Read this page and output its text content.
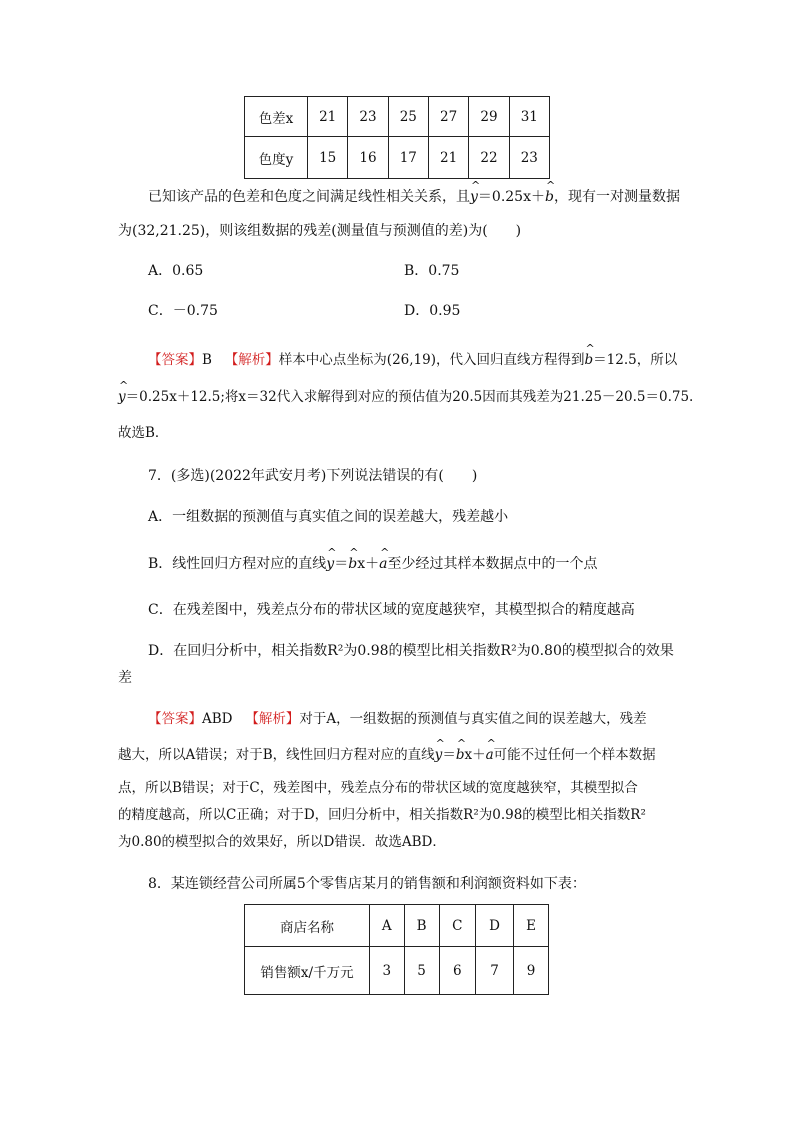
色差x	21	23	25	27	29	31
色度y	15	16	17	21	22	23
已知该产品的色差和色度之间满足线性相关关系，且^ y＝0.25x＋^ b，现有一对测量数据
为(32,21.25)，则该组数据的残差(测量值与预测值的差)为(　　)
A．0.65	B．0.75
C．－0.75	D．0.95
【答案】B 【解析】样本中心点坐标为(26,19)，代入回归直线方程得到^ b＝12.5，所以
^ y＝0.25x＋12.5;将x＝32代入求解得到对应的预估值为20.5因而其残差为21.25－20.5＝0.75.
故选B．
7．(多选)(2022年武安月考)下列说法错误的有(　　)
A．一组数据的预测值与真实值之间的误差越大，残差越小
B．线性回归方程对应的直线^ y＝^ bx＋^ a至少经过其样本数据点中的一个点
C．在残差图中，残差点分布的带状区域的宽度越狭窄，其模型拟合的精度越高
D．在回归分析中，相关指数R²为0.98的模型比相关指数R²为0.80的模型拟合的效果
差
【答案】ABD 【解析】对于A，一组数据的预测值与真实值之间的误差越大，残差
越大，所以A错误；对于B，线性回归方程对应的直线^ y＝^ bx＋^ a可能不过任何一个样本数据
点，所以B错误；对于C，残差图中，残差点分布的带状区域的宽度越狭窄，其模型拟合
的精度越高，所以C正确；对于D，回归分析中，相关指数R²为0.98的模型比相关指数R²
为0.80的模型拟合的效果好，所以D错误．故选ABD．
8．某连锁经营公司所属5个零售店某月的销售额和利润额资料如下表：
商店名称	A	B	C	D	E
销售额x/千万元	3	5	6	7	9
